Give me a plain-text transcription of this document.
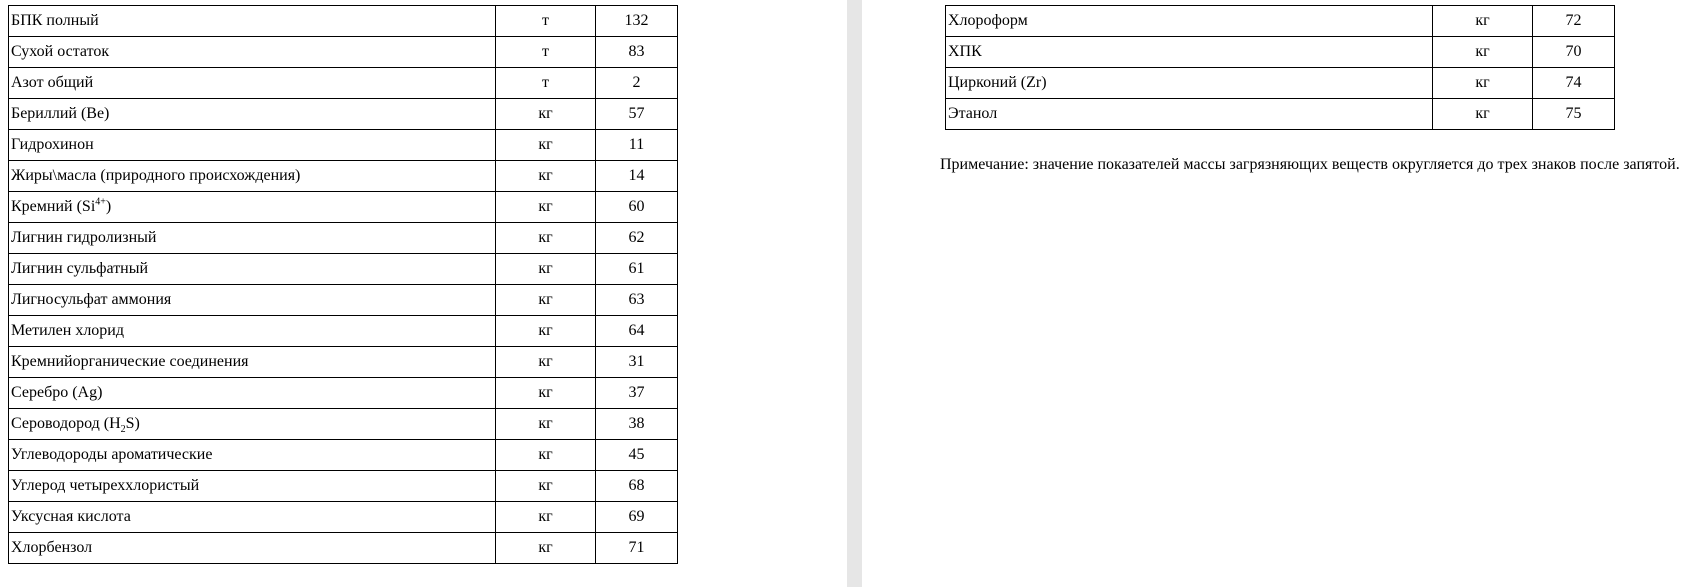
БПК полный	т	132
Сухой остаток	т	83
Азот общий	т	2
Бериллий (Be)	кг	57
Гидрохинон	кг	11
Жиры\масла (природного происхождения)	кг	14
Кремний $(Si^{4+})$	кг	60
Лигнин гидролизный	кг	62
Лигнин сульфатный	кг	61
Лигносульфат аммония	кг	63
Метилен хлорид	кг	64
Кремнийорганические соединения	кг	31
Серебро (Ag)	кг	37
Сероводород $(H_2S)$	кг	38
Углеводороды ароматические	кг	45
Углерод четыреххлористый	кг	68
Уксусная кислота	кг	69
Хлорбензол	кг	71
Хлороформ	кг	72
ХПК	кг	70
Цирконий (Zr)	кг	74
Этанол	кг	75

Примечание: значение показателей массы загрязняющих веществ округляется до трех знаков после запятой.
